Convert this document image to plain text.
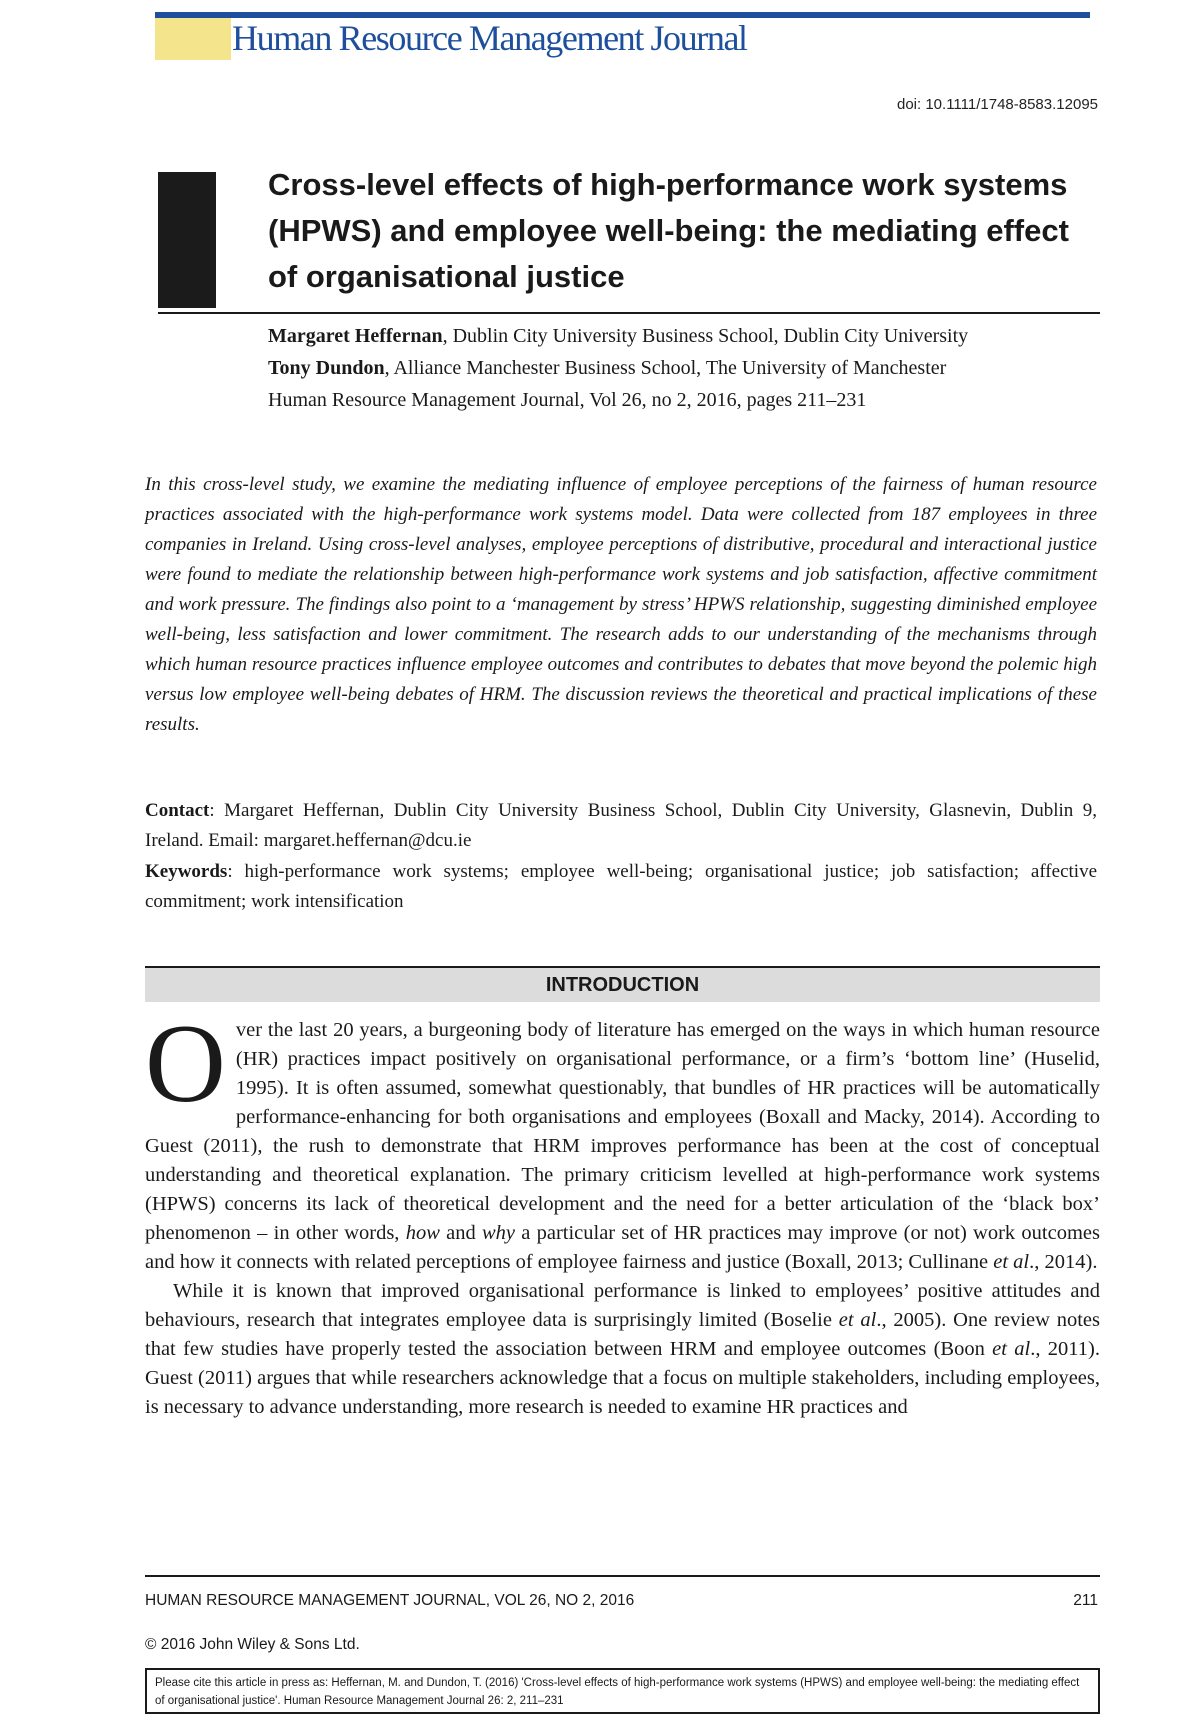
Human Resource Management Journal
doi: 10.1111/1748-8583.12095
Cross-level effects of high-performance work systems (HPWS) and employee well-being: the mediating effect of organisational justice
Margaret Heffernan, Dublin City University Business School, Dublin City University
Tony Dundon, Alliance Manchester Business School, The University of Manchester
Human Resource Management Journal, Vol 26, no 2, 2016, pages 211–231

In this cross-level study, we examine the mediating influence of employee perceptions of the fairness of human resource practices associated with the high-performance work systems model. Data were collected from 187 employees in three companies in Ireland. Using cross-level analyses, employee perceptions of distributive, procedural and interactional justice were found to mediate the relationship between high-performance work systems and job satisfaction, affective commitment and work pressure. The findings also point to a ‘management by stress’ HPWS relationship, suggesting diminished employee well-being, less satisfaction and lower commitment. The research adds to our understanding of the mechanisms through which human resource practices influence employee outcomes and contributes to debates that move beyond the polemic high versus low employee well-being debates of HRM. The discussion reviews the theoretical and practical implications of these results.

Contact: Margaret Heffernan, Dublin City University Business School, Dublin City University, Glasnevin, Dublin 9, Ireland. Email: margaret.heffernan@dcu.ie

Keywords: high-performance work systems; employee well-being; organisational justice; job satisfaction; affective commitment; work intensification

INTRODUCTION

Over the last 20 years, a burgeoning body of literature has emerged on the ways in which human resource (HR) practices impact positively on organisational performance, or a firm’s ‘bottom line’ (Huselid, 1995). It is often assumed, somewhat questionably, that bundles of HR practices will be automatically performance-enhancing for both organisations and employees (Boxall and Macky, 2014). According to Guest (2011), the rush to demonstrate that HRM improves performance has been at the cost of conceptual understanding and theoretical explanation. The primary criticism levelled at high-performance work systems (HPWS) concerns its lack of theoretical development and the need for a better articulation of the ‘black box’ phenomenon – in other words, how and why a particular set of HR practices may improve (or not) work outcomes and how it connects with related perceptions of employee fairness and justice (Boxall, 2013; Cullinane et al., 2014).

While it is known that improved organisational performance is linked to employees’ positive attitudes and behaviours, research that integrates employee data is surprisingly limited (Boselie et al., 2005). One review notes that few studies have properly tested the association between HRM and employee outcomes (Boon et al., 2011). Guest (2011) argues that while researchers acknowledge that a focus on multiple stakeholders, including employees, is necessary to advance understanding, more research is needed to examine HR practices and

HUMAN RESOURCE MANAGEMENT JOURNAL, VOL 26, NO 2, 2016	211
© 2016 John Wiley & Sons Ltd.
Please cite this article in press as: Heffernan, M. and Dundon, T. (2016) 'Cross-level effects of high-performance work systems (HPWS) and employee well-being: the mediating effect of organisational justice'. Human Resource Management Journal 26: 2, 211–231
